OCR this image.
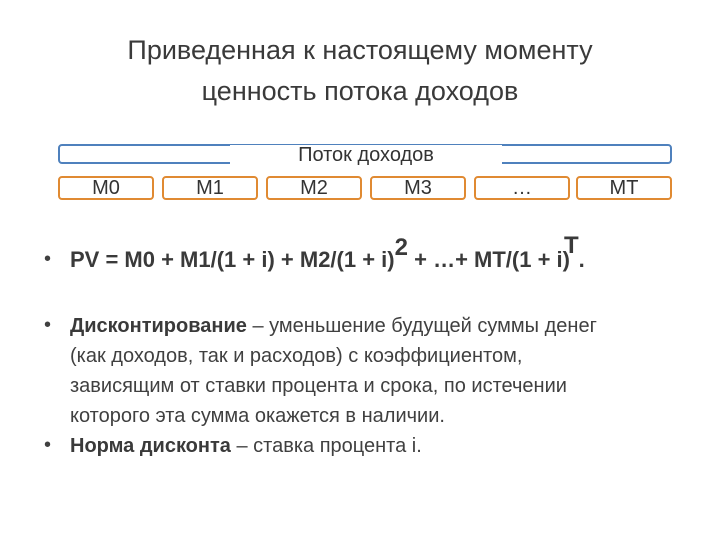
Приведенная к настоящему моменту
ценность потока доходов
Поток доходов
M0	M1	M2	M3	…	MT
• PV = M0 + M1/(1 + i) + M2/(1 + i)2 + …+ MT/(1 + i)T.
• Дисконтирование – уменьшение будущей суммы денег
(как доходов, так и расходов) с коэффициентом,
зависящим от ставки процента и срока, по истечении
которого эта сумма окажется в наличии.
• Норма дисконта – ставка процента i.
